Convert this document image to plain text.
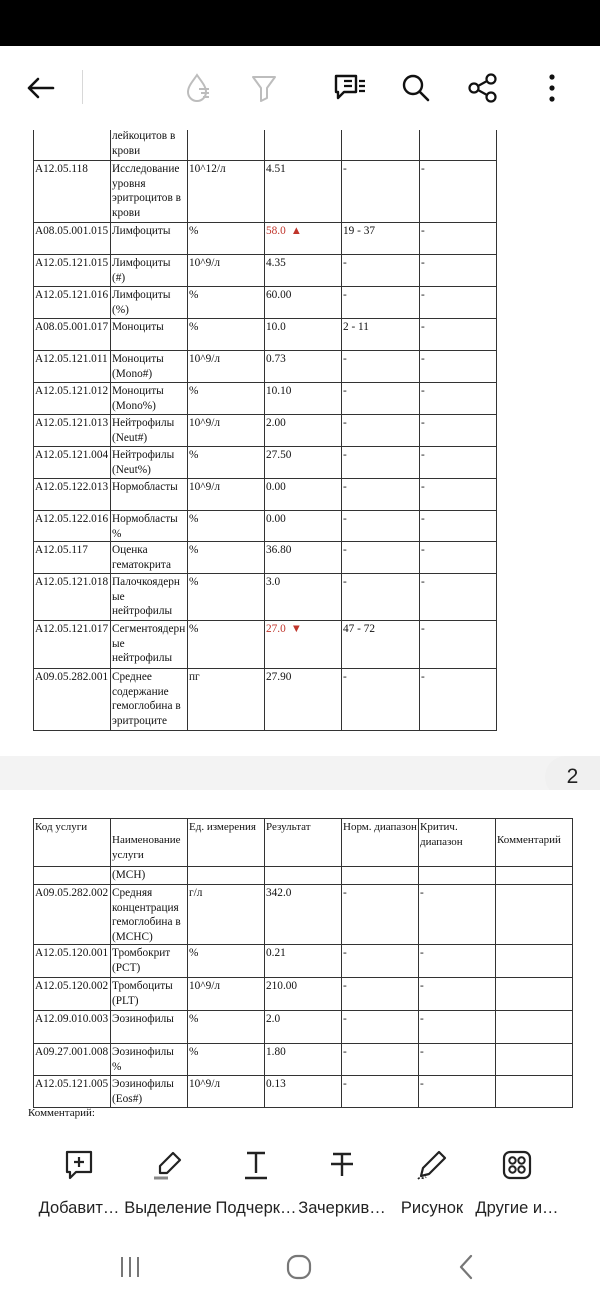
	лейкоцитов в крови				
A12.05.118	Исследование уровня эритроцитов в крови	10^12/л	4.51	-	-
A08.05.001.015	Лимфоциты	%	58.0 ▲	19 - 37	-
A12.05.121.015	Лимфоциты (#)	10^9/л	4.35	-	-
A12.05.121.016	Лимфоциты (%)	%	60.00	-	-
A08.05.001.017	Моноциты	%	10.0	2 - 11	-
A12.05.121.011	Моноциты (Mono#)	10^9/л	0.73	-	-
A12.05.121.012	Моноциты (Mono%)	%	10.10	-	-
A12.05.121.013	Нейтрофилы (Neut#)	10^9/л	2.00	-	-
A12.05.121.004	Нейтрофилы (Neut%)	%	27.50	-	-
A12.05.122.013	Нормобласты	10^9/л	0.00	-	-
A12.05.122.016	Нормобласты %	%	0.00	-	-
A12.05.117	Оценка гематокрита	%	36.80	-	-
A12.05.121.018	Палочкоядерные нейтрофилы	%	3.0	-	-
A12.05.121.017	Сегментоядерные нейтрофилы	%	27.0 ▼	47 - 72	-
A09.05.282.001	Среднее содержание гемоглобина в эритроците	пг	27.90	-	-
2
Код услуги	Наименование услуги	Ед. измерения	Результат	Норм. диапазон	Критич. диапазон	Комментарий
	(MCH)					
A09.05.282.002	Средняя концентрация гемоглобина в (MCHC)	г/л	342.0	-	-	
A12.05.120.001	Тромбокрит (PCT)	%	0.21	-	-	
A12.05.120.002	Тромбоциты (PLT)	10^9/л	210.00	-	-	
A12.09.010.003	Эозинофилы	%	2.0	-	-	
A09.27.001.008	Эозинофилы %	%	1.80	-	-	
A12.05.121.005	Эозинофилы (Eos#)	10^9/л	0.13	-	-	
Комментарий:
Добавит… Выделение Подчерк… Зачеркив… Рисунок Другие и…
